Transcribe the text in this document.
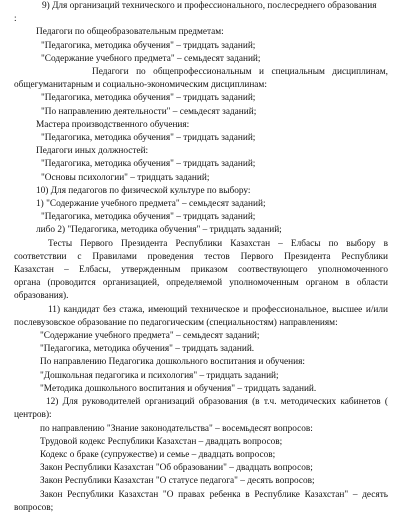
9) Для организаций технического и профессионального, послесреднего образования
:
Педагоги по общеобразовательным предметам:
"Педагогика, методика обучения" – тридцать заданий;
"Содержание учебного предмета" – семьдесят заданий;
Педагоги по общепрофессиональным и специальным дисциплинам,
общегуманитарным и социально-экономическим дисциплинам:
"Педагогика, методика обучения" – тридцать заданий;
"По направлению деятельности" – семьдесят заданий;
Мастера производственного обучения:
"Педагогика, методика обучения" – тридцать заданий;
Педагоги иных должностей:
"Педагогика, методика обучения" – тридцать заданий;
"Основы психологии" – тридцать заданий;
10) Для педагогов по физической культуре по выбору:
1) "Содержание учебного предмета" – семьдесят заданий;
"Педагогика, методика обучения" – тридцать заданий;
либо 2) "Педагогика, методика обучения" – тридцать заданий;
Тесты Первого Президента Республики Казахстан – Елбасы по выбору в
соответствии с Правилами проведения тестов Первого Президента Республики
Казахстан – Елбасы, утвержденным приказом соотвествующего уполномоченного
органа (проводится организацией, определяемой уполномоченным органом в области
образования).
11) кандидат без стажа, имеющий техническое и профессиональное, высшее и/или
послевузовское образование по педагогическим (специальностям) направлениям:
"Содержание учебного предмета" – семьдесят заданий;
"Педагогика, методика обучения" – тридцать заданий.
По направлению Педагогика дошкольного воспитания и обучения:
"Дошкольная педагогика и психология" – тридцать заданий;
"Методика дошкольного воспитания и обучения" – тридцать заданий.
12) Для руководителей организаций образования (в т.ч. методических кабинетов (
центров):
по направлению "Знание законодательства" – восемьдесят вопросов:
Трудовой кодекс Республики Казахстан – двадцать вопросов;
Кодекс о браке (супружестве) и семье – двадцать вопросов;
Закон Республики Казахстан "Об образовании" – двадцать вопросов;
Закон Республики Казахстан "О статусе педагога" – десять вопросов;
Закон Республики Казахстан "О правах ребенка в Республике Казахстан" – десять
вопросов;
